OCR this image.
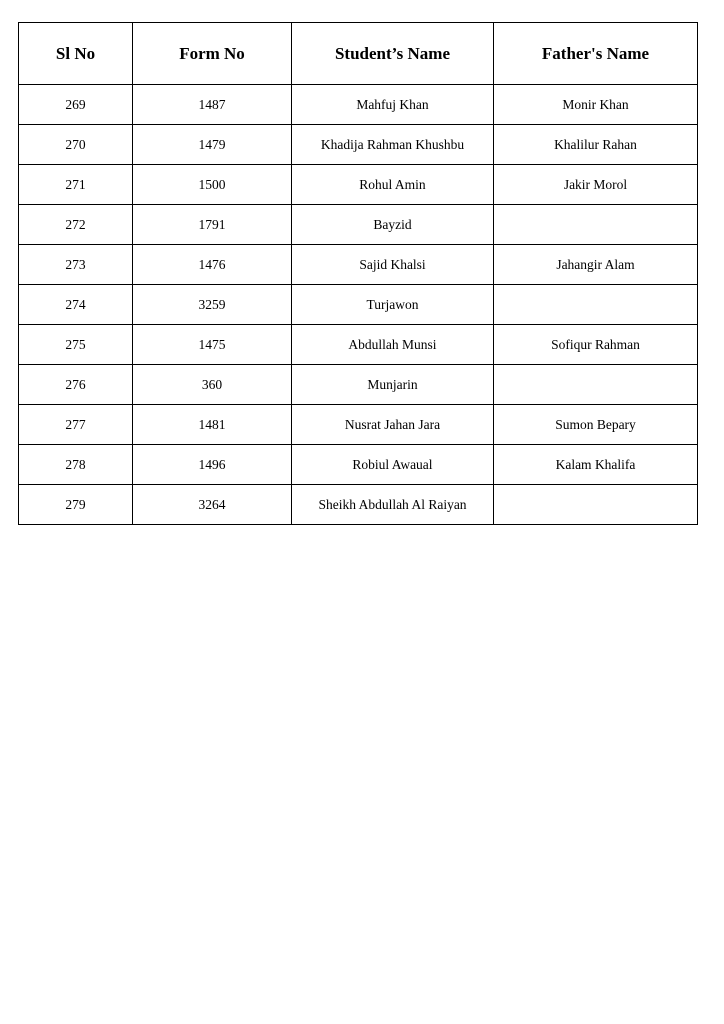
Sl No	Form No	Student’s Name	Father's Name
269	1487	Mahfuj Khan	Monir Khan
270	1479	Khadija Rahman Khushbu	Khalilur Rahan
271	1500	Rohul Amin	Jakir Morol
272	1791	Bayzid	
273	1476	Sajid Khalsi	Jahangir Alam
274	3259	Turjawon	
275	1475	Abdullah Munsi	Sofiqur Rahman
276	360	Munjarin	
277	1481	Nusrat Jahan Jara	Sumon Bepary
278	1496	Robiul Awaual	Kalam Khalifa
279	3264	Sheikh Abdullah Al Raiyan	
